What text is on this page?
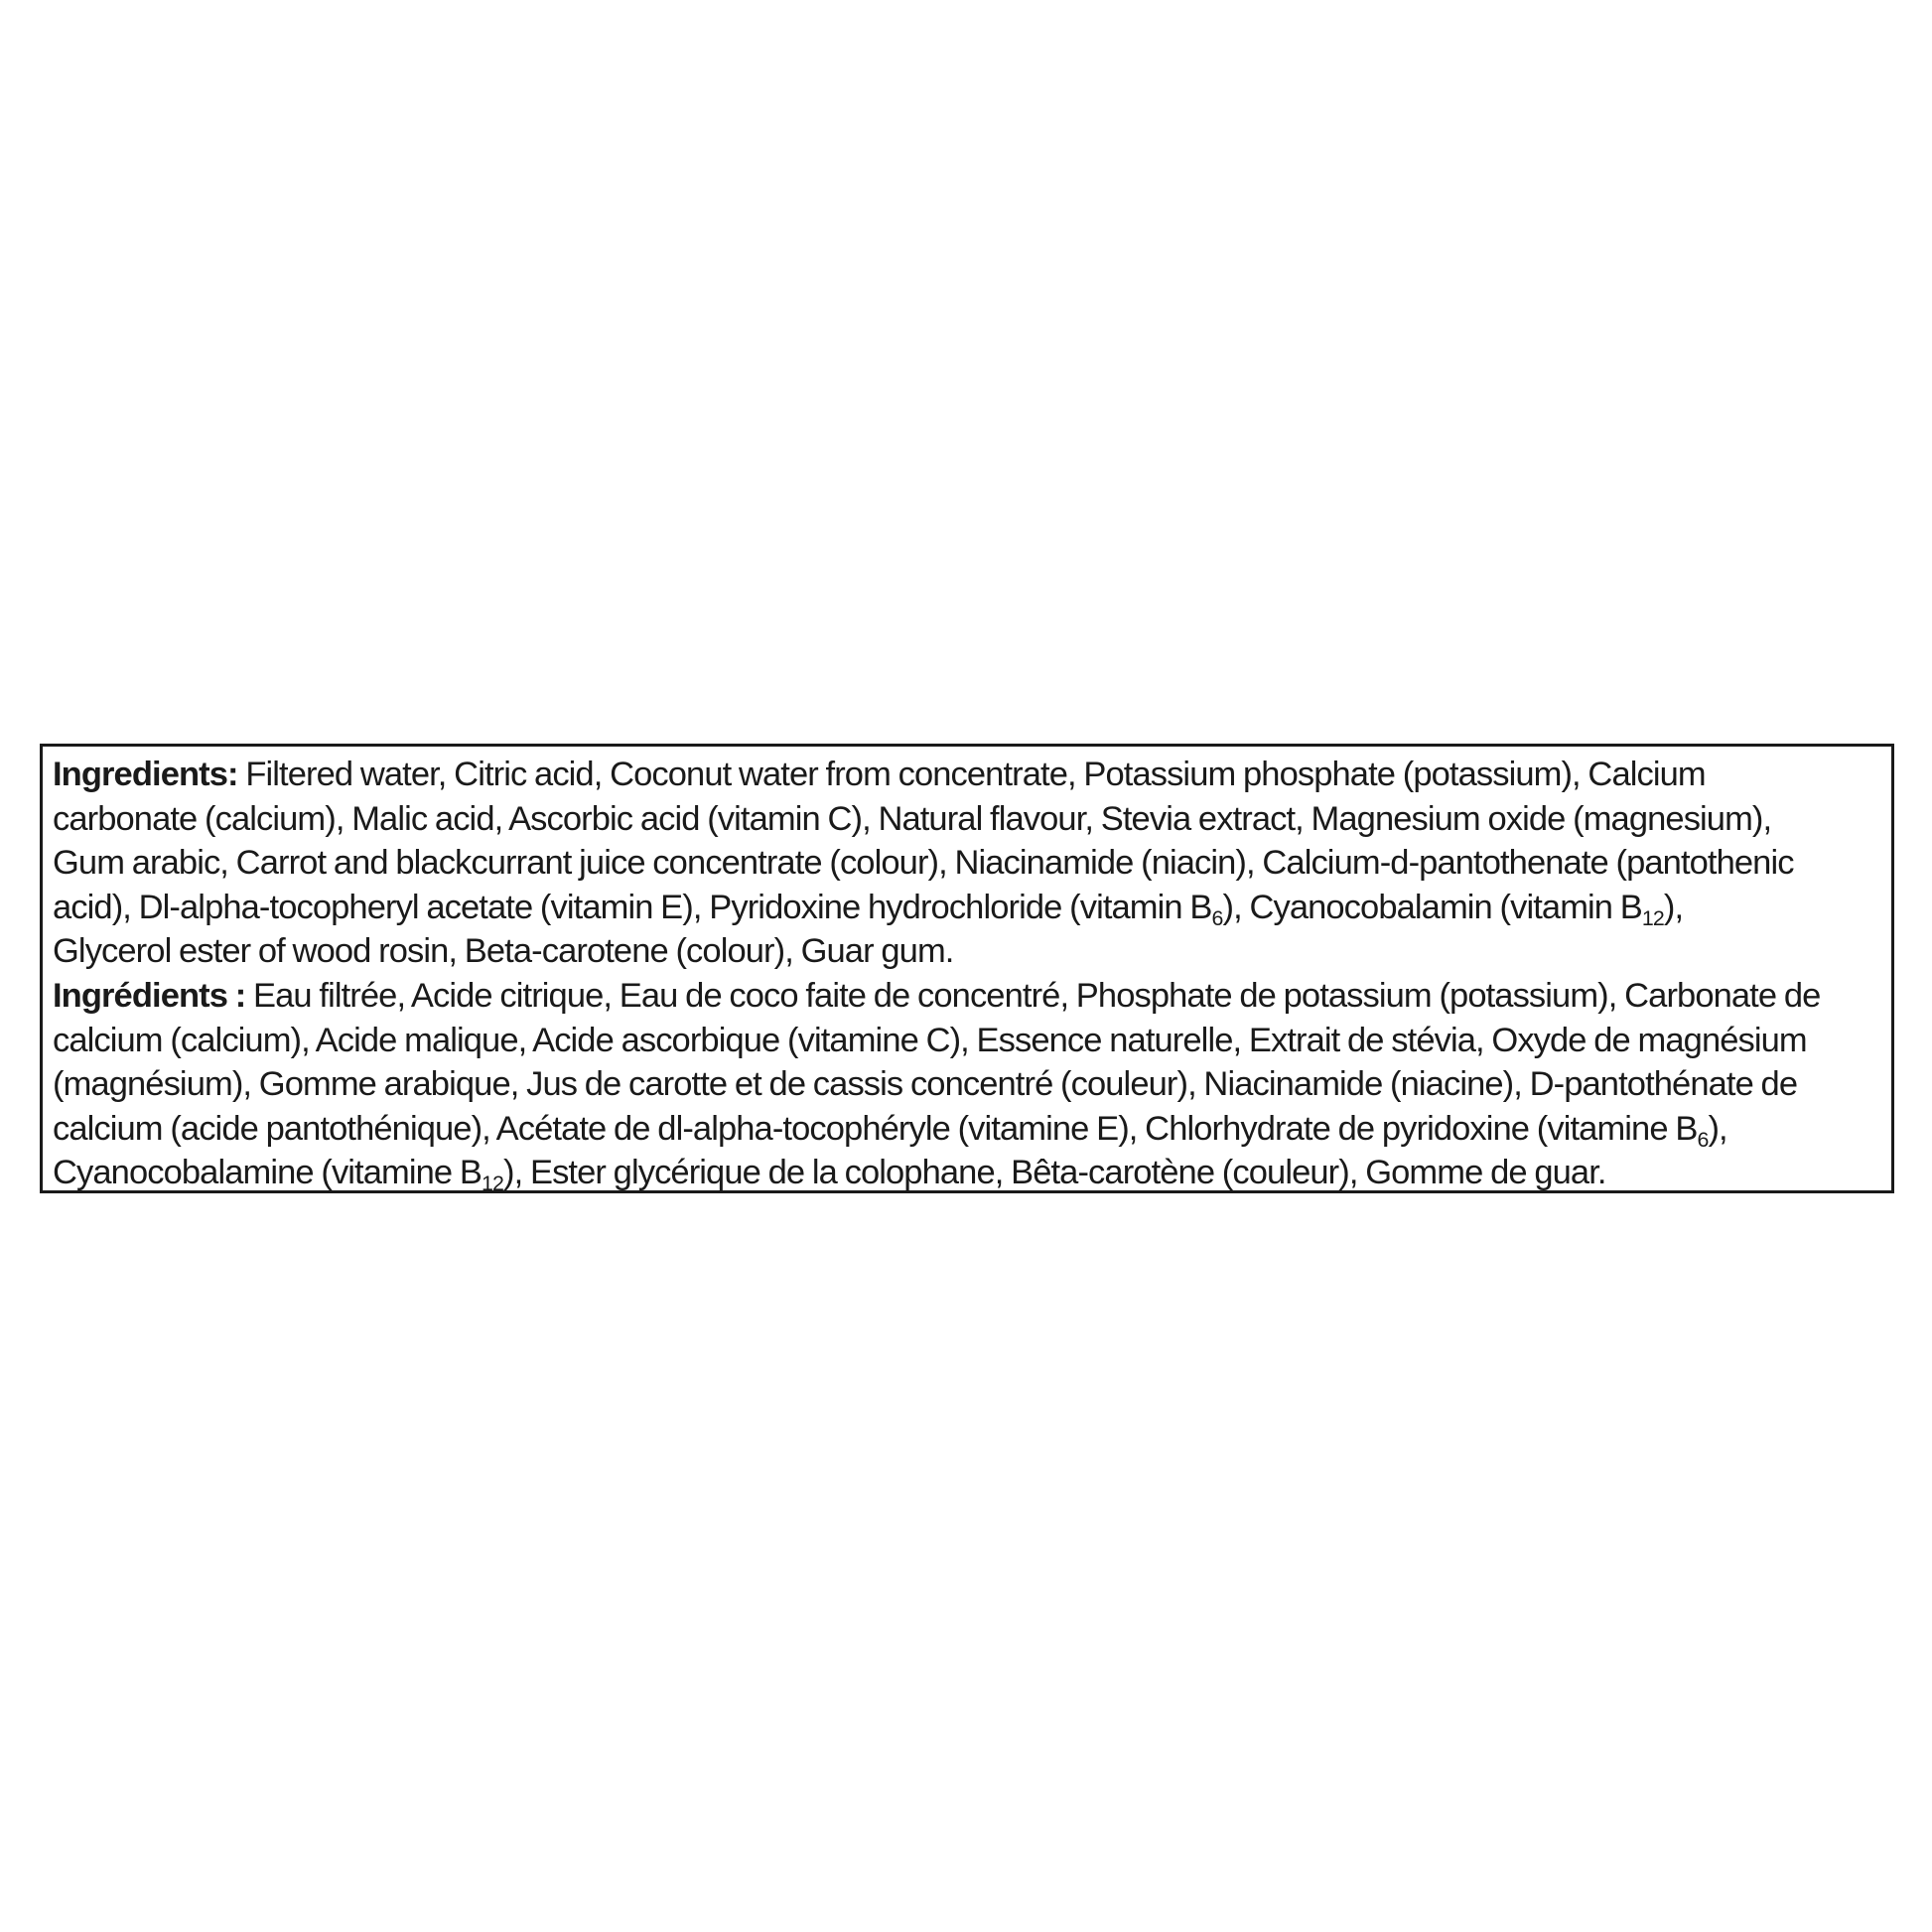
Ingredients: Filtered water, Citric acid, Coconut water from concentrate, Potassium phosphate (potassium), Calcium
carbonate (calcium), Malic acid, Ascorbic acid (vitamin C), Natural flavour, Stevia extract, Magnesium oxide (magnesium),
Gum arabic, Carrot and blackcurrant juice concentrate (colour), Niacinamide (niacin), Calcium-d-pantothenate (pantothenic
acid), Dl-alpha-tocopheryl acetate (vitamin E), Pyridoxine hydrochloride (vitamin $B_6$), Cyanocobalamin (vitamin $B_{12}$),
Glycerol ester of wood rosin, Beta-carotene (colour), Guar gum.
Ingrédients : Eau filtrée, Acide citrique, Eau de coco faite de concentré, Phosphate de potassium (potassium), Carbonate de
calcium (calcium), Acide malique, Acide ascorbique (vitamine C), Essence naturelle, Extrait de stévia, Oxyde de magnésium
(magnésium), Gomme arabique, Jus de carotte et de cassis concentré (couleur), Niacinamide (niacine), D-pantothénate de
calcium (acide pantothénique), Acétate de dl-alpha-tocophéryle (vitamine E), Chlorhydrate de pyridoxine (vitamine $B_6$),
Cyanocobalamine (vitamine $B_{12}$), Ester glycérique de la colophane, Bêta-carotène (couleur), Gomme de guar.
